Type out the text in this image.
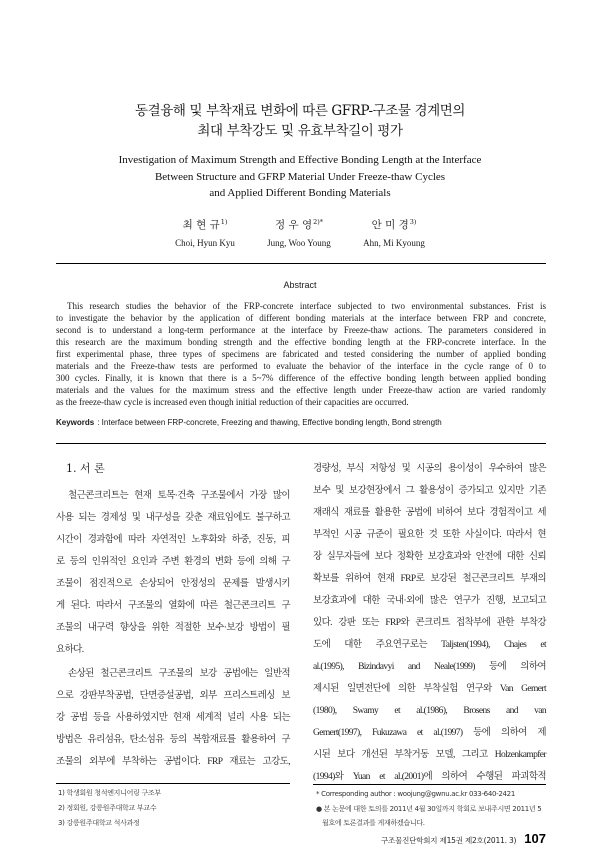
동결융해 및 부착재료 변화에 따른 GFRP-구조물 경계면의
최대 부착강도 및 유효부착길이 평가
Investigation of Maximum Strength and Effective Bonding Length at the Interface
Between Structure and GFRP Material Under Freeze-thaw Cycles
and Applied Different Bonding Materials
최 현 규$^{1)}$
Choi, Hyun Kyu
정 우 영$^{2)*}$
Jung, Woo Young
안 미 경$^{3)}$
Ahn, Mi Kyoung
Abstract
This research studies the behavior of the FRP-concrete interface subjected to two environmental substances. Frist is
to investigate the behavior by the application of different bonding materials at the interface between FRP and concrete,
second is to understand a long-term performance at the interface by Freeze-thaw actions. The parameters considered in
this research are the maximum bonding strength and the effective bonding length at the FRP-concrete interface. In the
first experimental phase, three types of specimens are fabricated and tested considering the number of applied bonding
materials and the Freeze-thaw tests are performed to evaluate the behavior of the interface in the cycle range of 0 to
300 cycles. Finally, it is known that there is a 5~7% difference of the effective bonding length between applied bonding
materials and the values for the maximum stress and the effective length under Freeze-thaw action are varied randomly
as the freeze-thaw cycle is increased even though initial reduction of their capacities are occurred.
Keywords : Interface between FRP-concrete, Freezing and thawing, Effective bonding length, Bond strength
1. 서 론
철근콘크리트는 현재 토목·건축 구조물에서 가장 많이
사용 되는 경제성 및 내구성을 갖춘 재료임에도 불구하고
시간이 경과함에 따라 자연적인 노후화와 하중, 진동, 피
로 등의 인위적인 요인과 주변 환경의 변화 등에 의해 구
조물이 점진적으로 손상되어 안정성의 문제를 발생시키
게 된다. 따라서 구조물의 열화에 따른 철근콘크리트 구
조물의 내구력 향상을 위한 적절한 보수·보강 방법이 필
요하다.
손상된 철근콘크리트 구조물의 보강 공법에는 일반적
으로 강판부착공법, 단면증설공법, 외부 프리스트레싱 보
강 공법 등을 사용하였지만 현재 세계적 널리 사용 되는
방법은 유리섬유, 탄소섬유 등의 복합재료를 활용하여 구
조물의 외부에 부착하는 공법이다. FRP 재료는 고강도,
경량성, 부식 저항성 및 시공의 용이성이 우수하여 많은
보수 및 보강현장에서 그 활용성이 증가되고 있지만 기존
재래식 재료를 활용한 공법에 비하여 보다 경험적이고 세
부적인 시공 규준이 필요한 것 또한 사실이다. 따라서 현
장 실무자들에 보다 정확한 보강효과와 안전에 대한 신뢰
확보를 위하여 현재 FRP로 보강된 철근콘크리트 부재의
보강효과에 대한 국내·외에 많은 연구가 진행, 보고되고
있다. 강판 또는 FRP와 콘크리트 접착부에 관한 부착강
도에 대한 주요연구로는 Taljsten(1994), Chajes et
al.(1995), Bizindavyi and Neale(1999) 등에 의하여
제시된 일면전단에 의한 부착실험 연구와 Van Gemert
(1980), Swamy et al.(1986), Brosens and van
Gemert(1997), Fukuzawa et al.(1997) 등에 의하여 제
시된 보다 개선된 부착거동 모델, 그리고 Holzenkampfer
(1994)와 Yuan et al.(2001)에 의하여 수행된 파괴학적
1) 학생회원 청석엔지니어링 구조부
2) 정회원, 강릉원주대학교 부교수
3) 강릉원주대학교 석사과정
* Corresponding author : woojung@gwnu.ac.kr 033-640-2421
● 본 논문에 대한 토의를 2011년 4월 30일까지 학회로 보내주시면 2011년 5
월호에 토론결과를 게재하겠습니다.
구조물진단학회지 제15권 제2호(2011. 3) 107
